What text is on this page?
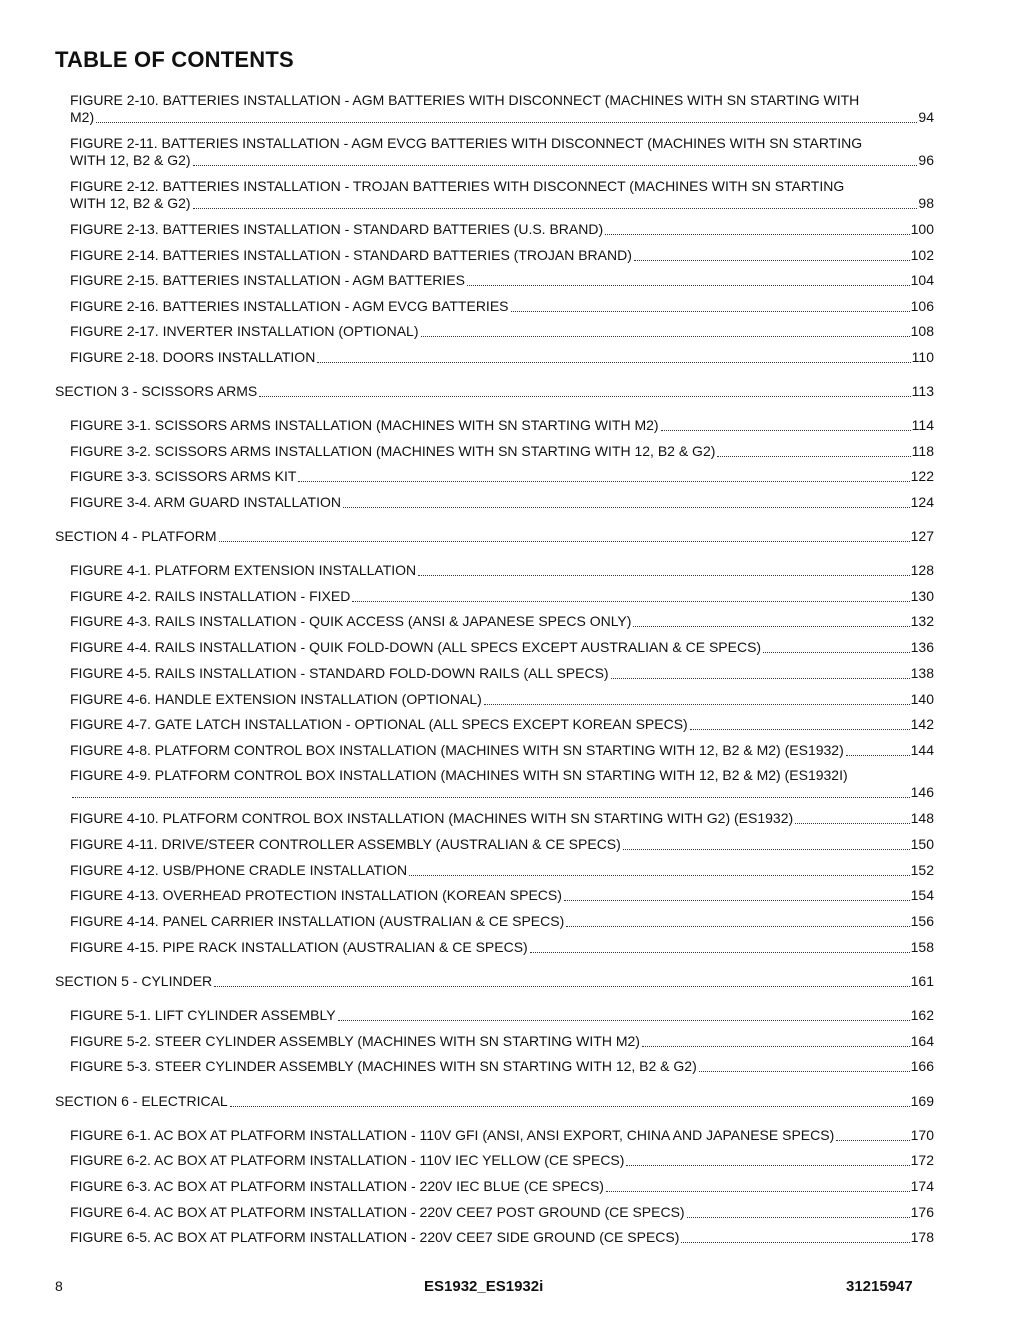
TABLE OF CONTENTS
FIGURE 2-10. BATTERIES INSTALLATION - AGM BATTERIES WITH DISCONNECT (MACHINES WITH SN STARTING WITH
M2)	94
FIGURE 2-11. BATTERIES INSTALLATION - AGM EVCG BATTERIES WITH DISCONNECT (MACHINES WITH SN STARTING
WITH 12, B2 & G2)	96
FIGURE 2-12. BATTERIES INSTALLATION - TROJAN BATTERIES WITH DISCONNECT (MACHINES WITH SN STARTING
WITH 12, B2 & G2)	98
FIGURE 2-13. BATTERIES INSTALLATION - STANDARD BATTERIES (U.S. BRAND)	100
FIGURE 2-14. BATTERIES INSTALLATION - STANDARD BATTERIES (TROJAN BRAND)	102
FIGURE 2-15. BATTERIES INSTALLATION - AGM BATTERIES	104
FIGURE 2-16. BATTERIES INSTALLATION - AGM EVCG BATTERIES	106
FIGURE 2-17. INVERTER INSTALLATION (OPTIONAL)	108
FIGURE 2-18. DOORS INSTALLATION	110
SECTION 3 - SCISSORS ARMS	113
FIGURE 3-1. SCISSORS ARMS INSTALLATION (MACHINES WITH SN STARTING WITH M2)	114
FIGURE 3-2. SCISSORS ARMS INSTALLATION (MACHINES WITH SN STARTING WITH 12, B2 & G2)	118
FIGURE 3-3. SCISSORS ARMS KIT	122
FIGURE 3-4. ARM GUARD INSTALLATION	124
SECTION 4 - PLATFORM	127
FIGURE 4-1. PLATFORM EXTENSION INSTALLATION	128
FIGURE 4-2. RAILS INSTALLATION - FIXED	130
FIGURE 4-3. RAILS INSTALLATION - QUIK ACCESS (ANSI & JAPANESE SPECS ONLY)	132
FIGURE 4-4. RAILS INSTALLATION - QUIK FOLD-DOWN (ALL SPECS EXCEPT AUSTRALIAN & CE SPECS)	136
FIGURE 4-5. RAILS INSTALLATION - STANDARD FOLD-DOWN RAILS (ALL SPECS)	138
FIGURE 4-6. HANDLE EXTENSION INSTALLATION (OPTIONAL)	140
FIGURE 4-7. GATE LATCH INSTALLATION - OPTIONAL (ALL SPECS EXCEPT KOREAN SPECS)	142
FIGURE 4-8. PLATFORM CONTROL BOX INSTALLATION (MACHINES WITH SN STARTING WITH 12, B2 & M2) (ES1932)	144
FIGURE 4-9. PLATFORM CONTROL BOX INSTALLATION (MACHINES WITH SN STARTING WITH 12, B2 & M2) (ES1932I)
146
FIGURE 4-10. PLATFORM CONTROL BOX INSTALLATION (MACHINES WITH SN STARTING WITH G2) (ES1932)	148
FIGURE 4-11. DRIVE/STEER CONTROLLER ASSEMBLY (AUSTRALIAN & CE SPECS)	150
FIGURE 4-12. USB/PHONE CRADLE INSTALLATION	152
FIGURE 4-13. OVERHEAD PROTECTION INSTALLATION (KOREAN SPECS)	154
FIGURE 4-14. PANEL CARRIER INSTALLATION (AUSTRALIAN & CE SPECS)	156
FIGURE 4-15. PIPE RACK INSTALLATION (AUSTRALIAN & CE SPECS)	158
SECTION 5 - CYLINDER	161
FIGURE 5-1. LIFT CYLINDER ASSEMBLY	162
FIGURE 5-2. STEER CYLINDER ASSEMBLY (MACHINES WITH SN STARTING WITH M2)	164
FIGURE 5-3. STEER CYLINDER ASSEMBLY (MACHINES WITH SN STARTING WITH 12, B2 & G2)	166
SECTION 6 - ELECTRICAL	169
FIGURE 6-1. AC BOX AT PLATFORM INSTALLATION - 110V GFI (ANSI, ANSI EXPORT, CHINA AND JAPANESE SPECS)	170
FIGURE 6-2. AC BOX AT PLATFORM INSTALLATION - 110V IEC YELLOW (CE SPECS)	172
FIGURE 6-3. AC BOX AT PLATFORM INSTALLATION - 220V IEC BLUE (CE SPECS)	174
FIGURE 6-4. AC BOX AT PLATFORM INSTALLATION - 220V CEE7 POST GROUND (CE SPECS)	176
FIGURE 6-5. AC BOX AT PLATFORM INSTALLATION - 220V CEE7 SIDE GROUND (CE SPECS)	178
8	ES1932_ES1932i	31215947
